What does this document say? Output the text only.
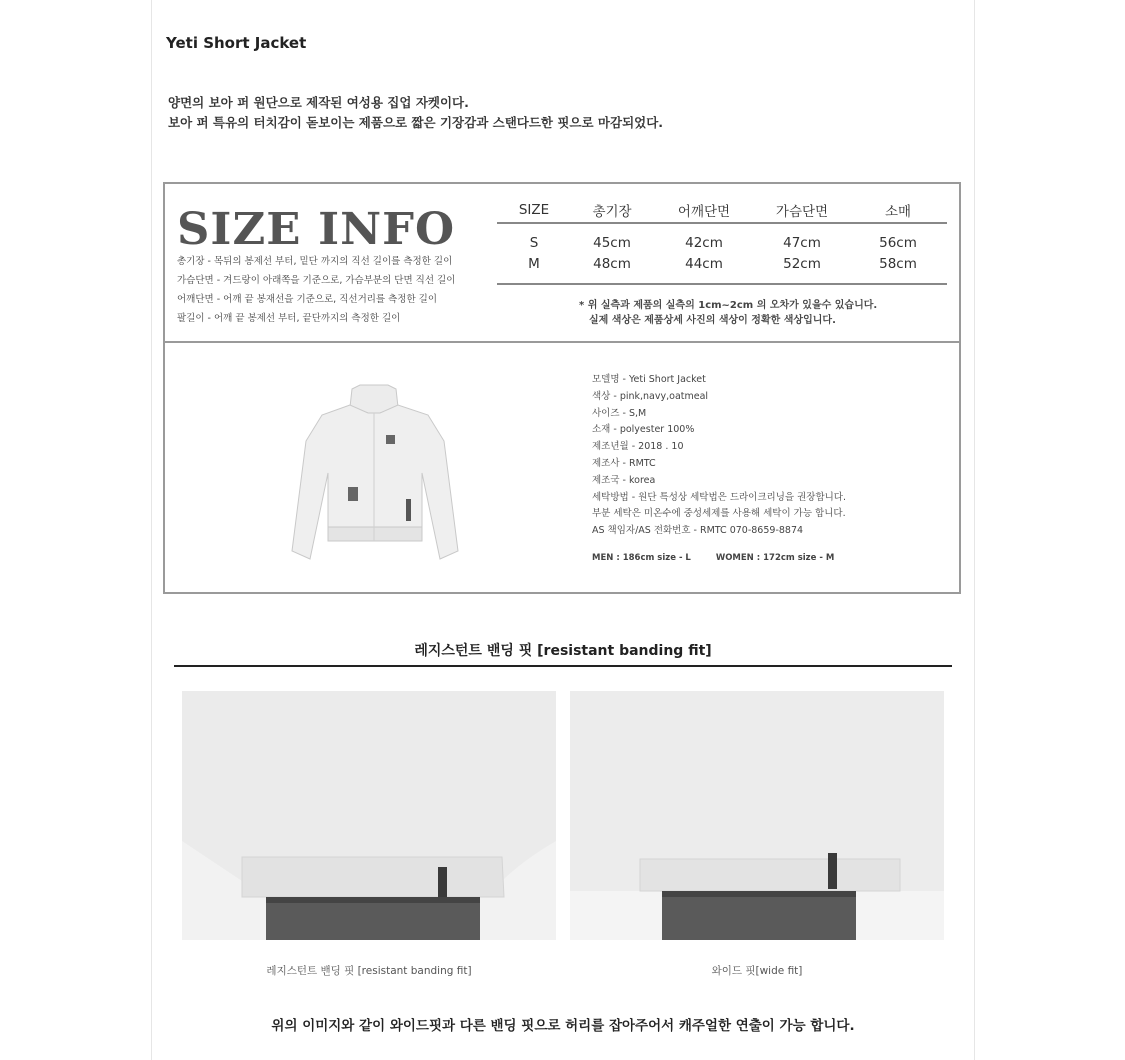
Yeti Short Jacket
양면의 보아 퍼 원단으로 제작된 여성용 집업 자켓이다.
보아 퍼 특유의 터치감이 돋보이는 제품으로 짧은 기장감과 스탠다드한 핏으로 마감되었다.
SIZE INFO
총기장 - 목뒤의 봉제선 부터, 밑단 까지의 직선 길이를 측정한 길이
가슴단면 - 겨드랑이 아래쪽을 기준으로, 가슴부분의 단면 직선 길이
어깨단면 - 어깨 끝 봉재선을 기준으로, 직선거리를 측정한 길이
팔길이 - 어깨 끝 봉제선 부터, 끝단까지의 측정한 길이
SIZE	총기장	어깨단면	가슴단면	소매
S	45cm	42cm	47cm	56cm
M	48cm	44cm	52cm	58cm
* 위 실측과 제품의 실측의 1cm~2cm 의 오차가 있을수 있습니다.
실제 색상은 제품상세 사진의 색상이 정확한 색상입니다.
모델명 - Yeti Short Jacket
색상 - pink,navy,oatmeal
사이즈 - S,M
소재 - polyester 100%
제조년월 - 2018 . 10
제조사 - RMTC
제조국 - korea
세탁방법 - 원단 특성상 세탁법은 드라이크리닝을 권장합니다.
부분 세탁은 미온수에 중성세제를 사용해 세탁이 가능 합니다.
AS 책임자/AS 전화번호 - RMTC 070-8659-8874
MEN : 186cm size - L	WOMEN : 172cm size - M
레지스턴트 밴딩 핏 [resistant banding fit]
레지스턴트 밴딩 핏 [resistant banding fit]	와이드 핏[wide fit]
위의 이미지와 같이 와이드핏과 다른 밴딩 핏으로 허리를 잡아주어서 캐주얼한 연출이 가능 합니다.
